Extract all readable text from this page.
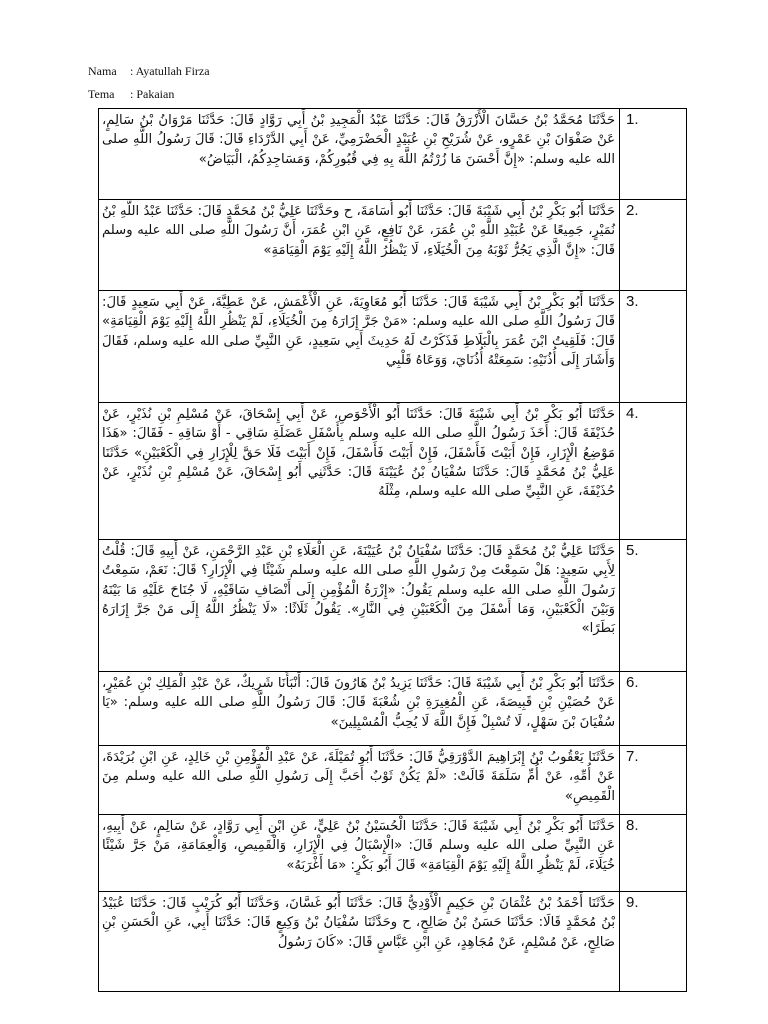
Nama : Ayatullah Firza
Tema : Pakaian
حَدَّثَنَا مُحَمَّدُ بْنُ حَسَّانَ الْأَزْرَقُ قَالَ: حَدَّثَنَا عَبْدُ الْمَجِيدِ بْنُ أَبِي رَوَّادٍ قَالَ: حَدَّثَنَا مَرْوَانُ بْنُ سَالِمٍ، عَنْ صَفْوَانَ بْنِ عَمْرٍو، عَنْ شُرَيْحِ بْنِ عُبَيْدٍ الْحَضْرَمِيِّ، عَنْ أَبِي الدَّرْدَاءِ قَالَ: قَالَ رَسُولُ اللَّهِ صلى الله عليه وسلم: «إِنَّ أَحْسَنَ مَا زُرْتُمُ اللَّهَ بِهِ فِي قُبُورِكُمْ، وَمَسَاجِدِكُمُ، الْبَيَاضُ»	1.
حَدَّثَنَا أَبُو بَكْرِ بْنُ أَبِي شَيْبَةَ قَالَ: حَدَّثَنَا أَبُو أُسَامَةَ، ح وحَدَّثَنَا عَلِيُّ بْنُ مُحَمَّدٍ قَالَ: حَدَّثَنَا عَبْدُ اللَّهِ بْنُ نُمَيْرٍ، جَمِيعًا عَنْ عُبَيْدِ اللَّهِ بْنِ عُمَرَ، عَنْ نَافِعٍ، عَنِ ابْنِ عُمَرَ، أَنَّ رَسُولَ اللَّهِ صلى الله عليه وسلم قَالَ: «إِنَّ الَّذِي يَجُرُّ ثَوْبَهُ مِنَ الْخُيَلَاءِ، لَا يَنْظُرُ اللَّهُ إِلَيْهِ يَوْمَ الْقِيَامَةِ»	2.
حَدَّثَنَا أَبُو بَكْرِ بْنُ أَبِي شَيْبَةَ قَالَ: حَدَّثَنَا أَبُو مُعَاوِيَةَ، عَنِ الْأَعْمَشِ، عَنْ عَطِيَّةَ، عَنْ أَبِي سَعِيدٍ قَالَ: قَالَ رَسُولُ اللَّهِ صلى الله عليه وسلم: «مَنْ جَرَّ إِزَارَهُ مِنَ الْخُيَلَاءِ، لَمْ يَنْظُرِ اللَّهُ إِلَيْهِ يَوْمَ الْقِيَامَةِ» قَالَ: فَلَقِيتُ ابْنَ عُمَرَ بِالْبَلَاطِ فَذَكَرْتُ لَهُ حَدِيثَ أَبِي سَعِيدٍ، عَنِ النَّبِيِّ صلى الله عليه وسلم، فَقَالَ وَأَشَارَ إِلَى أُذُنَيْهِ: سَمِعَتْهُ أُذُنَايَ، وَوَعَاهُ قَلْبِي	3.
حَدَّثَنَا أَبُو بَكْرِ بْنُ أَبِي شَيْبَةَ قَالَ: حَدَّثَنَا أَبُو الْأَحْوَصِ، عَنْ أَبِي إِسْحَاقَ، عَنْ مُسْلِمِ بْنِ نُذَيْرٍ، عَنْ حُذَيْفَةَ قَالَ: أَخَذَ رَسُولُ اللَّهِ صلى الله عليه وسلم بِأَسْفَلِ عَضَلَةِ سَاقِي - أَوْ سَاقِهِ - فَقَالَ: «هَذَا مَوْضِعُ الْإِزَارِ، فَإِنْ أَبَيْتَ فَأَسْفَلَ، فَإِنْ أَبَيْتَ فَأَسْفَلَ، فَإِنْ أَبَيْتَ فَلَا حَقَّ لِلْإِزَارِ فِي الْكَعْبَيْنِ» حَدَّثَنَا عَلِيُّ بْنُ مُحَمَّدٍ قَالَ: حَدَّثَنَا سُفْيَانُ بْنُ عُيَيْنَةَ قَالَ: حَدَّثَنِي أَبُو إِسْحَاقَ، عَنْ مُسْلِمِ بْنِ نُذَيْرٍ، عَنْ حُذَيْفَةَ، عَنِ النَّبِيِّ صلى الله عليه وسلم، مِثْلَهُ	4.
حَدَّثَنَا عَلِيُّ بْنُ مُحَمَّدٍ قَالَ: حَدَّثَنَا سُفْيَانُ بْنُ عُيَيْنَةَ، عَنِ الْعَلَاءِ بْنِ عَبْدِ الرَّحْمَنِ، عَنْ أَبِيهِ قَالَ: قُلْتُ لِأَبِي سَعِيدٍ: هَلْ سَمِعْتَ مِنْ رَسُولِ اللَّهِ صلى الله عليه وسلم شَيْئًا فِي الْإِزَارِ؟ قَالَ: نَعَمْ، سَمِعْتُ رَسُولَ اللَّهِ صلى الله عليه وسلم يَقُولُ: «إِزْرَةُ الْمُؤْمِنِ إِلَى أَنْصَافِ سَاقَيْهِ، لَا جُنَاحَ عَلَيْهِ مَا بَيْنَهُ وَبَيْنَ الْكَعْبَيْنِ، وَمَا أَسْفَلَ مِنَ الْكَعْبَيْنِ فِي النَّارِ». يَقُولُ ثَلَاثًا: «لَا يَنْظُرُ اللَّهُ إِلَى مَنْ جَرَّ إِزَارَهُ بَطَرًا»	5.
حَدَّثَنَا أَبُو بَكْرِ بْنُ أَبِي شَيْبَةَ قَالَ: حَدَّثَنَا يَزِيدُ بْنُ هَارُونَ قَالَ: أَنْبَأَنَا شَرِيكٌ، عَنْ عَبْدِ الْمَلِكِ بْنِ عُمَيْرٍ، عَنْ حُصَيْنِ بْنِ قَبِيصَةَ، عَنِ الْمُغِيرَةِ بْنِ شُعْبَةَ قَالَ: قَالَ رَسُولُ اللَّهِ صلى الله عليه وسلم: «يَا سُفْيَانَ بْنَ سَهْلٍ، لَا تُسْبِلْ فَإِنَّ اللَّهَ لَا يُحِبُّ الْمُسْبِلِينَ»	6.
حَدَّثَنَا يَعْقُوبُ بْنُ إِبْرَاهِيمَ الدَّوْرَقِيُّ قَالَ: حَدَّثَنَا أَبُو تُمَيْلَةَ، عَنْ عَبْدِ الْمُؤْمِنِ بْنِ خَالِدٍ، عَنِ ابْنِ بُرَيْدَةَ، عَنْ أُمِّهِ، عَنْ أُمِّ سَلَمَةَ قَالَتْ: «لَمْ يَكُنْ ثَوْبٌ أَحَبَّ إِلَى رَسُولِ اللَّهِ صلى الله عليه وسلم مِنَ الْقَمِيصِ»	7.
حَدَّثَنَا أَبُو بَكْرِ بْنُ أَبِي شَيْبَةَ قَالَ: حَدَّثَنَا الْحُسَيْنُ بْنُ عَلِيٍّ، عَنِ ابْنِ أَبِي رَوَّادٍ، عَنْ سَالِمٍ، عَنْ أَبِيهِ، عَنِ النَّبِيِّ صلى الله عليه وسلم قَالَ: «الْإِسْبَالُ فِي الْإِزَارِ، وَالْقَمِيصِ، وَالْعِمَامَةِ، مَنْ جَرَّ شَيْئًا خُيَلَاءَ، لَمْ يَنْظُرِ اللَّهُ إِلَيْهِ يَوْمَ الْقِيَامَةِ» قَالَ أَبُو بَكْرٍ: «مَا أَغْرَبَهُ»	8.
حَدَّثَنَا أَحْمَدُ بْنُ عُثْمَانَ بْنِ حَكِيمٍ الْأَوْدِيُّ قَالَ: حَدَّثَنَا أَبُو غَسَّانَ، وَحَدَّثَنَا أَبُو كُرَيْبٍ قَالَ: حَدَّثَنَا عُبَيْدُ بْنُ مُحَمَّدٍ قَالَا: حَدَّثَنَا حَسَنُ بْنُ صَالِحٍ، ح وحَدَّثَنَا سُفْيَانُ بْنُ وَكِيعٍ قَالَ: حَدَّثَنَا أَبِي، عَنِ الْحَسَنِ بْنِ صَالِحٍ، عَنْ مُسْلِمٍ، عَنْ مُجَاهِدٍ، عَنِ ابْنِ عَبَّاسٍ قَالَ: «كَانَ رَسُولُ	9.
